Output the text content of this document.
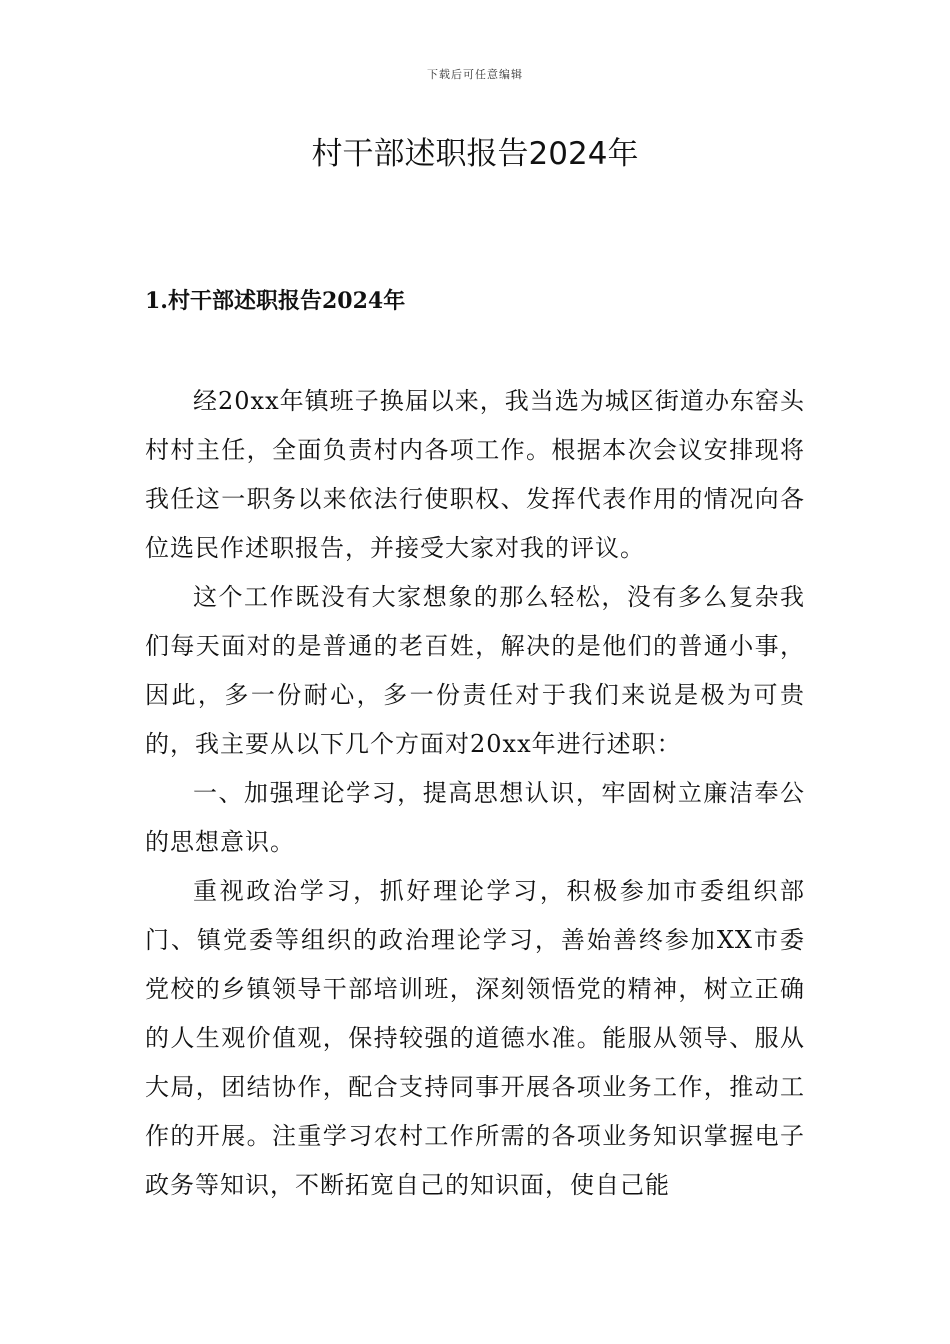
下载后可任意编辑
村干部述职报告2024年
1.村干部述职报告2024年

经20xx年镇班子换届以来，我当选为城区街道办东窑头村村主任，全面负责村内各项工作。根据本次会议安排现将我任这一职务以来依法行使职权、发挥代表作用的情况向各位选民作述职报告，并接受大家对我的评议。

这个工作既没有大家想象的那么轻松，没有多么复杂我们每天面对的是普通的老百姓，解决的是他们的普通小事，因此，多一份耐心，多一份责任对于我们来说是极为可贵的，我主要从以下几个方面对20xx年进行述职：

一、加强理论学习，提高思想认识，牢固树立廉洁奉公的思想意识。

重视政治学习，抓好理论学习，积极参加市委组织部门、镇党委等组织的政治理论学习，善始善终参加XX市委党校的乡镇领导干部培训班，深刻领悟党的精神，树立正确的人生观价值观，保持较强的道德水准。能服从领导、服从大局，团结协作，配合支持同事开展各项业务工作，推动工作的开展。注重学习农村工作所需的各项业务知识掌握电子政务等知识，不断拓宽自己的知识面，使自己能
